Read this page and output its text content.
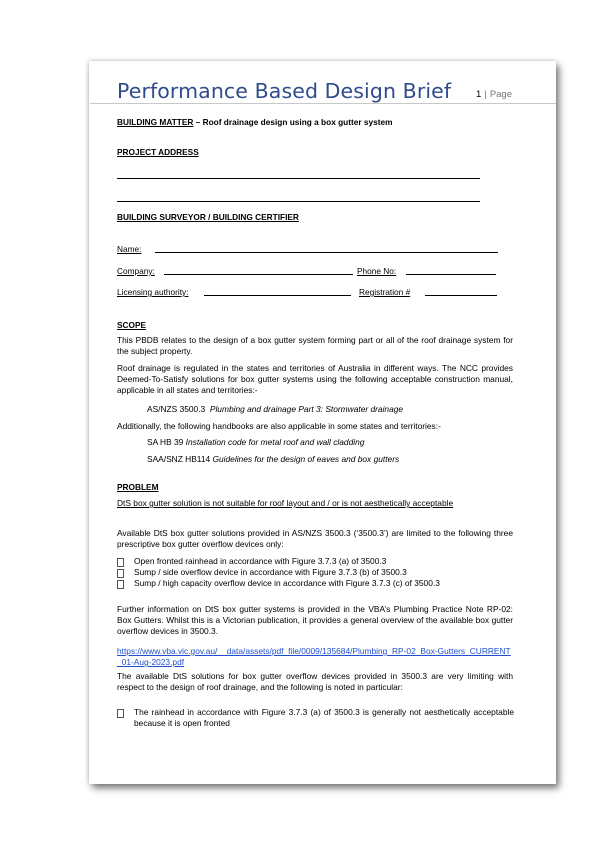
Performance Based Design Brief	1 | Page
BUILDING MATTER – Roof drainage design using a box gutter system
PROJECT ADDRESS
BUILDING SURVEYOR / BUILDING CERTIFIER
Name:
Company:	Phone No:
Licensing authority:	Registration #
SCOPE
This PBDB relates to the design of a box gutter system forming part or all of the roof drainage system for the subject property.
Roof drainage is regulated in the states and territories of Australia in different ways. The NCC provides Deemed-To-Satisfy solutions for box gutter systems using the following acceptable construction manual, applicable in all states and territories:-
AS/NZS 3500.3 Plumbing and drainage Part 3: Stormwater drainage
Additionally, the following handbooks are also applicable in some states and territories:-
SA HB 39 Installation code for metal roof and wall cladding
SAA/SNZ HB114 Guidelines for the design of eaves and box gutters
PROBLEM
DtS box gutter solution is not suitable for roof layout and / or is not aesthetically acceptable
Available DtS box gutter solutions provided in AS/NZS 3500.3 (‘3500.3’) are limited to the following three prescriptive box gutter overflow devices only:
Open fronted rainhead in accordance with Figure 3.7.3 (a) of 3500.3
Sump / side overflow device in accordance with Figure 3.7.3 (b) of 3500.3
Sump / high capacity overflow device in accordance with Figure 3.7.3 (c) of 3500.3
Further information on DtS box gutter systems is provided in the VBA’s Plumbing Practice Note RP-02: Box Gutters. Whilst this is a Victorian publication, it provides a general overview of the available box gutter overflow devices in 3500.3.
https://www.vba.vic.gov.au/__data/assets/pdf_file/0009/135684/Plumbing_RP-02_Box-Gutters_CURRENT_01-Aug-2023.pdf
The available DtS solutions for box gutter overflow devices provided in 3500.3 are very limiting with respect to the design of roof drainage, and the following is noted in particular:
The rainhead in accordance with Figure 3.7.3 (a) of 3500.3 is generally not aesthetically acceptable because it is open fronted
